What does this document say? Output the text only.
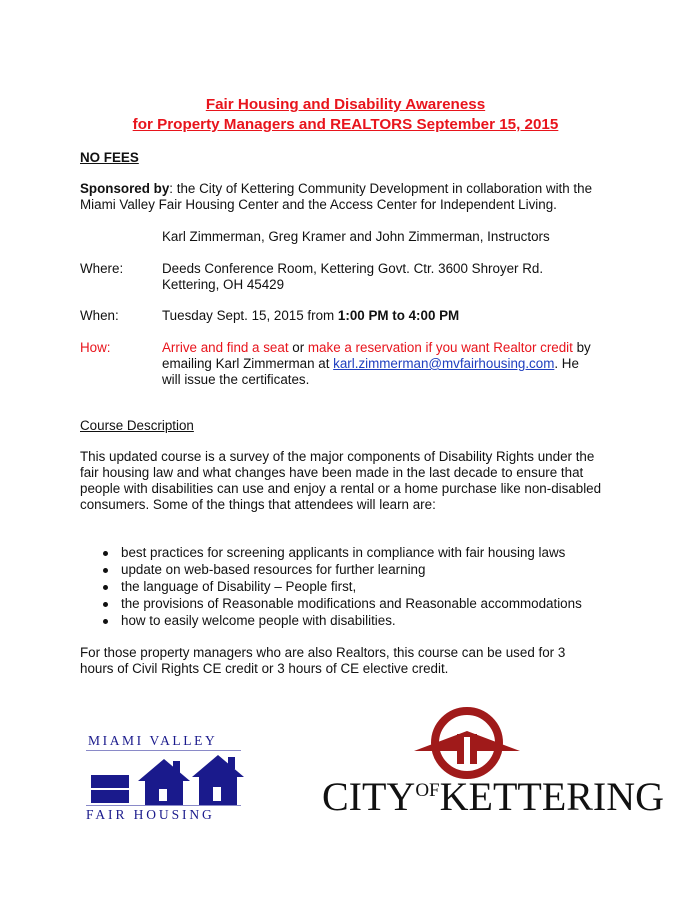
Fair Housing and Disability Awareness
for Property Managers and REALTORS September 15, 2015
NO FEES
Sponsored by: the City of Kettering Community Development in collaboration with the
Miami Valley Fair Housing Center and the Access Center for Independent Living.
Karl Zimmerman, Greg Kramer and John Zimmerman, Instructors
Where:	Deeds Conference Room, Kettering Govt. Ctr. 3600 Shroyer Rd.
Kettering, OH 45429
When:	Tuesday Sept. 15, 2015 from 1:00 PM to 4:00 PM
How:	Arrive and find a seat or make a reservation if you want Realtor credit by
emailing Karl Zimmerman at karl.zimmerman@mvfairhousing.com. He
will issue the certificates.
Course Description
This updated course is a survey of the major components of Disability Rights under the
fair housing law and what changes have been made in the last decade to ensure that
people with disabilities can use and enjoy a rental or a home purchase like non-disabled
consumers. Some of the things that attendees will learn are:
best practices for screening applicants in compliance with fair housing laws
update on web-based resources for further learning
the language of Disability – People first,
the provisions of Reasonable modifications and Reasonable accommodations
how to easily welcome people with disabilities.
For those property managers who are also Realtors, this course can be used for 3
hours of Civil Rights CE credit or 3 hours of CE elective credit.
MIAMI VALLEY
FAIR HOUSING	CITYOFKETTERING
